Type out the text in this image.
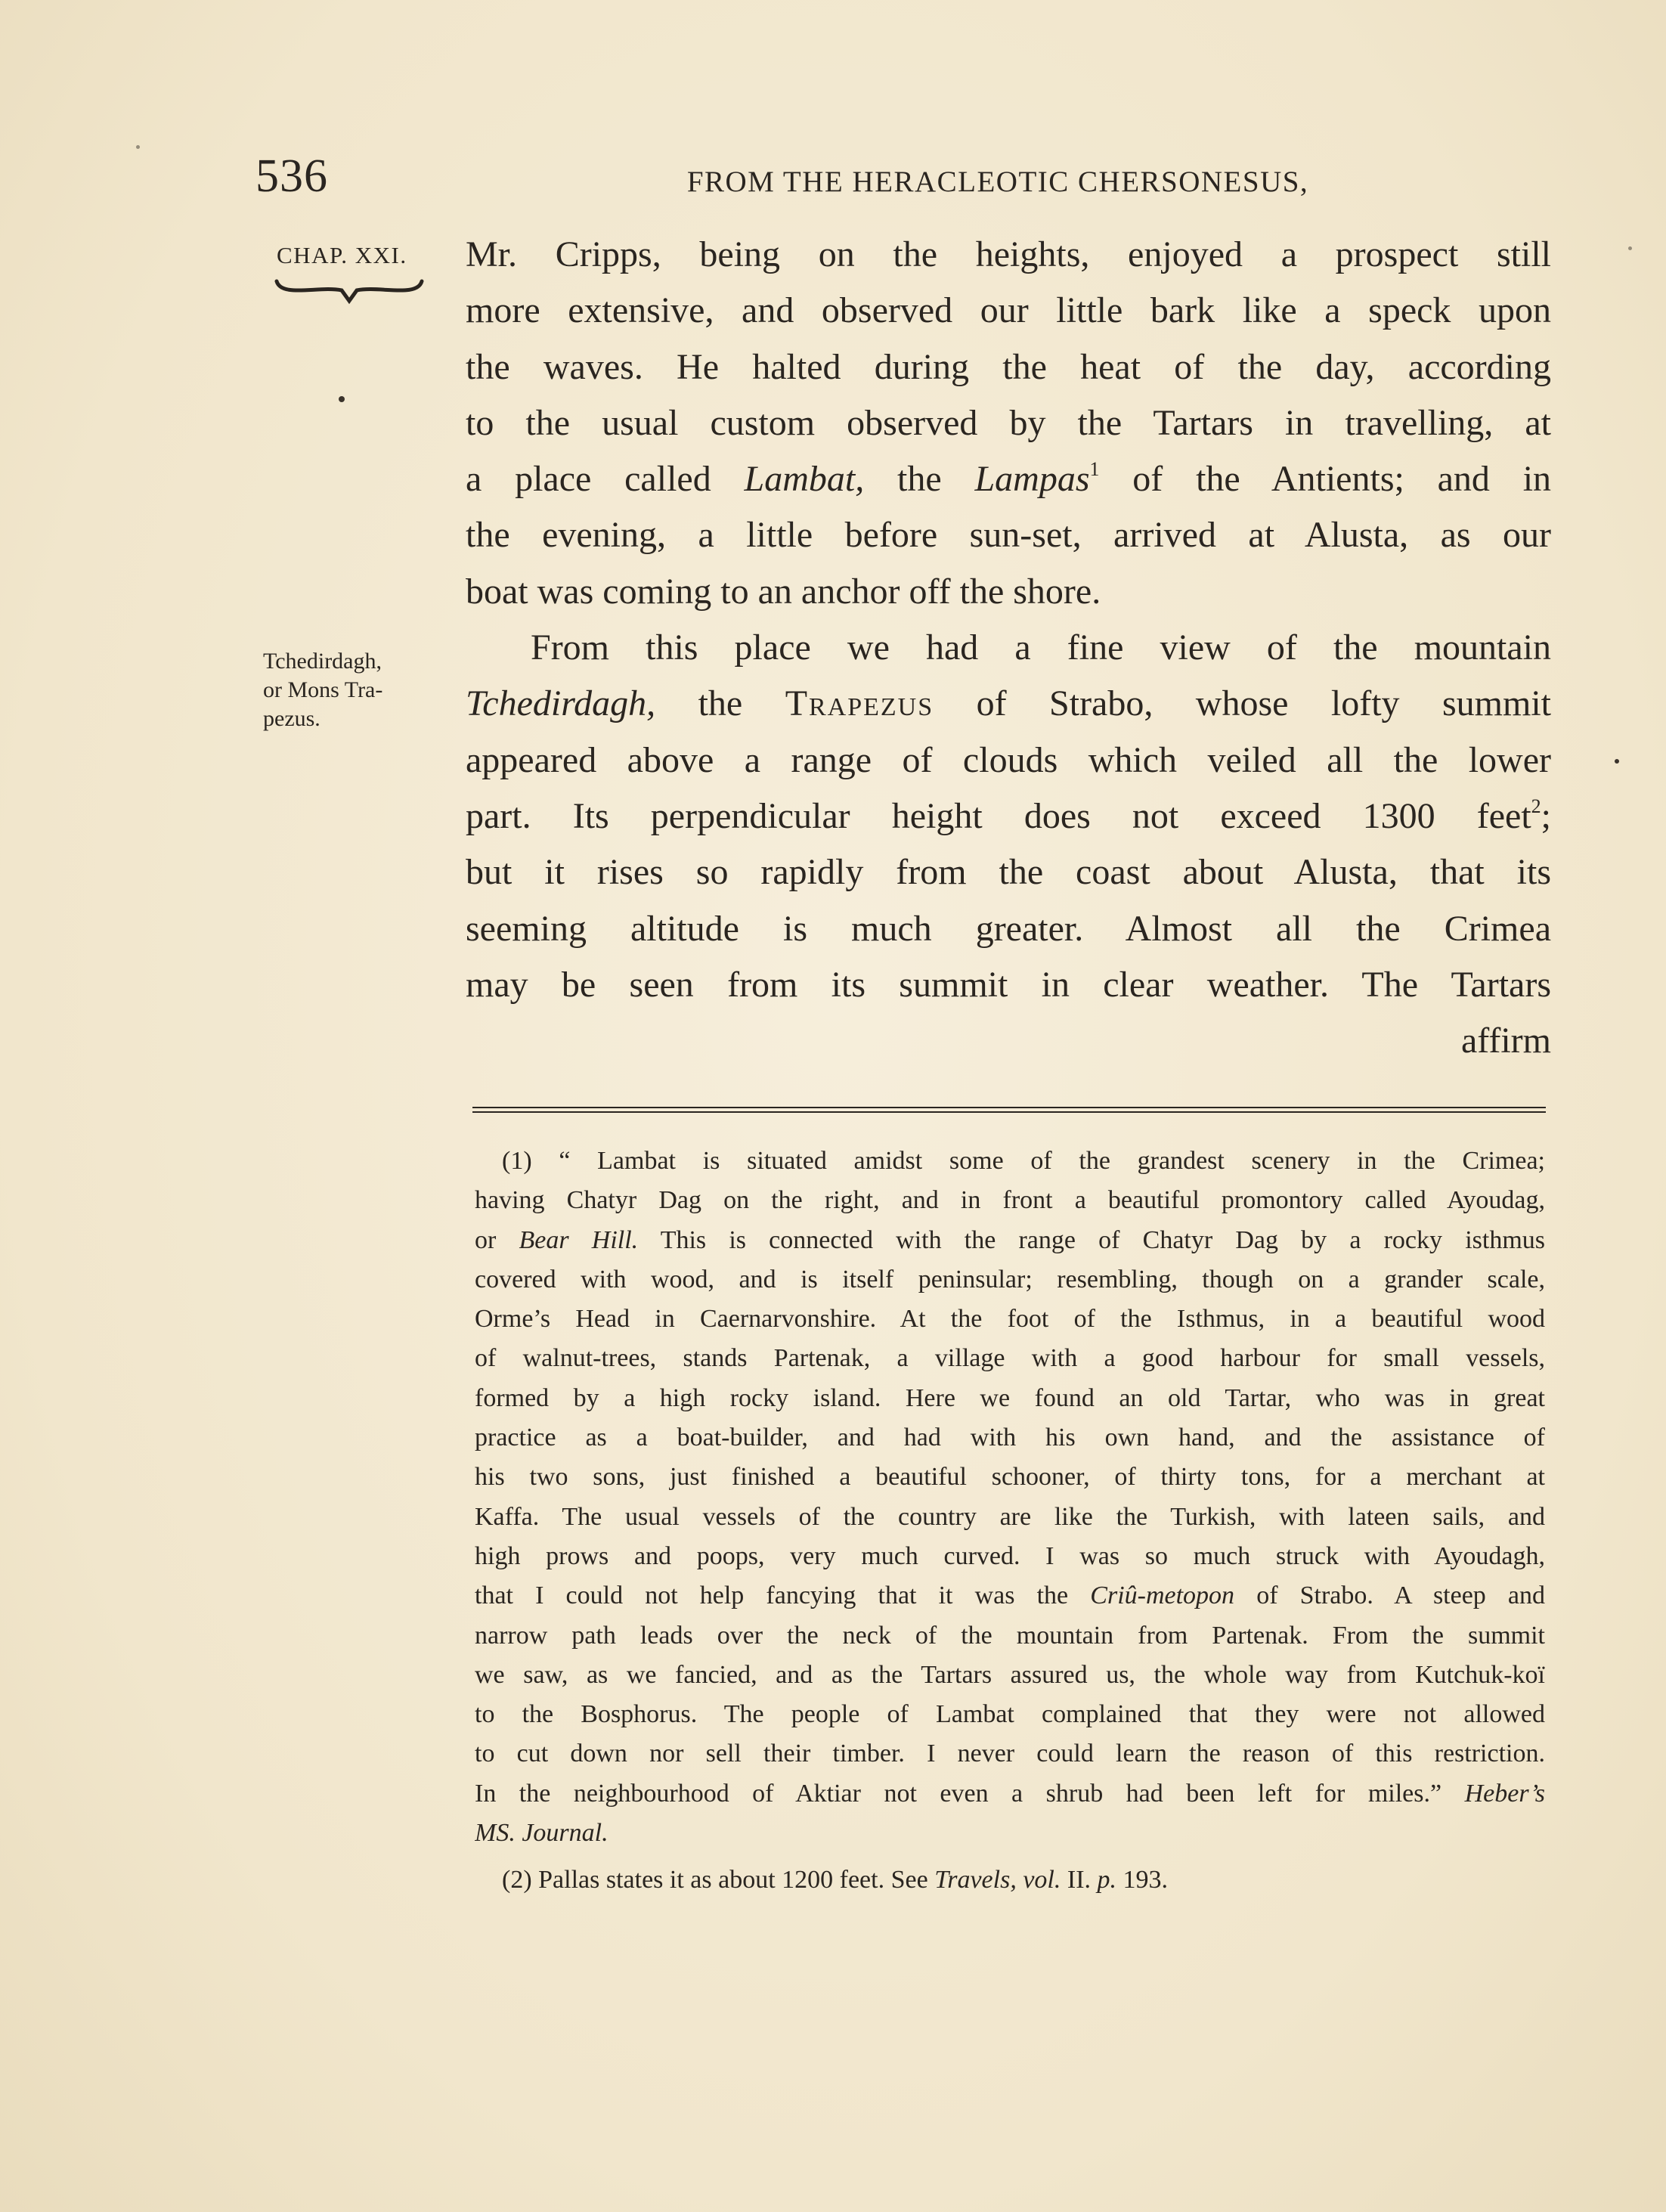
536	FROM THE HERACLEOTIC CHERSONESUS,
CHAP. XXI.
Tchedirdagh,
or Mons Tra-
pezus.
Mr. Cripps, being on the heights, enjoyed a prospect still
more extensive, and observed our little bark like a speck upon
the waves. He halted during the heat of the day, according
to the usual custom observed by the Tartars in travelling, at
a place called Lambat, the Lampas$^1$ of the Antients; and in
the evening, a little before sun-set, arrived at Alusta, as our
boat was coming to an anchor off the shore.
From this place we had a fine view of the mountain
Tchedirdagh, the Trapezus of Strabo, whose lofty summit
appeared above a range of clouds which veiled all the lower
part. Its perpendicular height does not exceed 1300 feet$^2$;
but it rises so rapidly from the coast about Alusta, that its
seeming altitude is much greater. Almost all the Crimea
may be seen from its summit in clear weather. The Tartars
affirm
(1) “ Lambat is situated amidst some of the grandest scenery in the Crimea;
having Chatyr Dag on the right, and in front a beautiful promontory called Ayoudag,
or Bear Hill. This is connected with the range of Chatyr Dag by a rocky isthmus
covered with wood, and is itself peninsular; resembling, though on a grander scale,
Orme’s Head in Caernarvonshire. At the foot of the Isthmus, in a beautiful wood
of walnut-trees, stands Partenak, a village with a good harbour for small vessels,
formed by a high rocky island. Here we found an old Tartar, who was in great
practice as a boat-builder, and had with his own hand, and the assistance of
his two sons, just finished a beautiful schooner, of thirty tons, for a merchant at
Kaffa. The usual vessels of the country are like the Turkish, with lateen sails, and
high prows and poops, very much curved. I was so much struck with Ayoudagh,
that I could not help fancying that it was the Criû-metopon of Strabo. A steep and
narrow path leads over the neck of the mountain from Partenak. From the summit
we saw, as we fancied, and as the Tartars assured us, the whole way from Kutchuk-koï
to the Bosphorus. The people of Lambat complained that they were not allowed
to cut down nor sell their timber. I never could learn the reason of this restriction.
In the neighbourhood of Aktiar not even a shrub had been left for miles.” Heber’s
MS. Journal.
(2) Pallas states it as about 1200 feet. See Travels, vol. II. p. 193.
